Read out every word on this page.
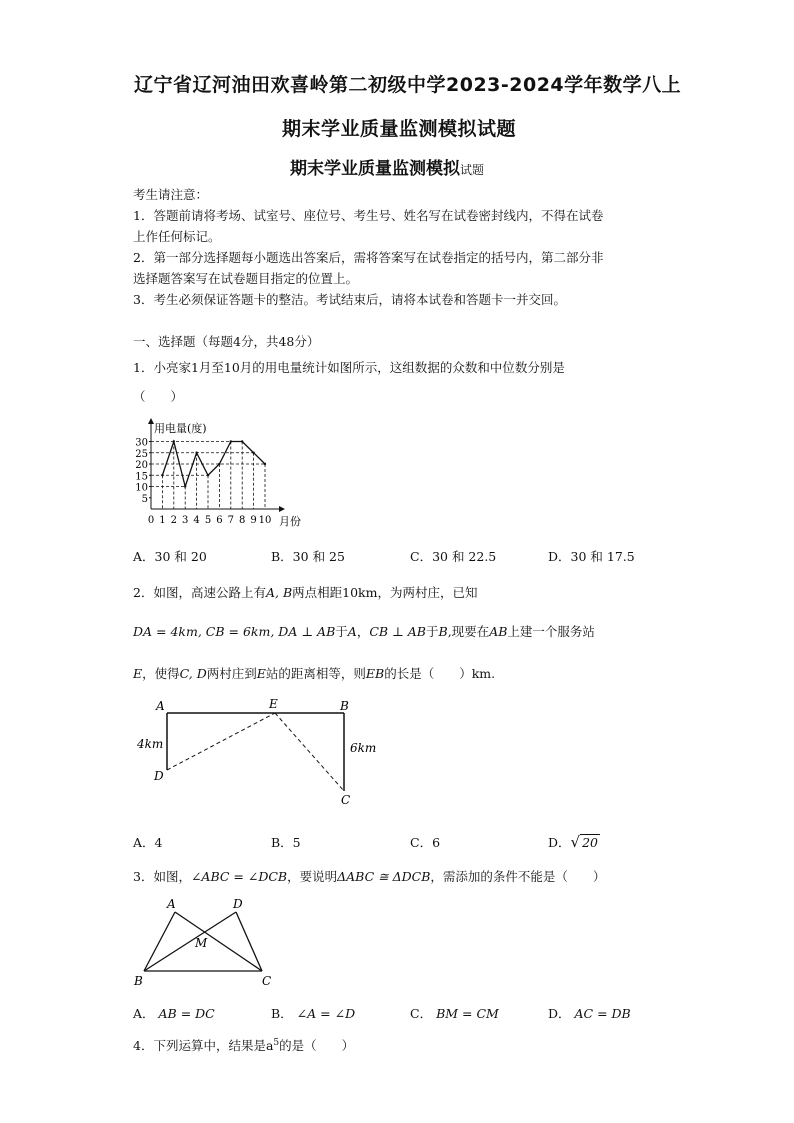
辽宁省辽河油田欢喜岭第二初级中学2023-2024学年数学八上
期末学业质量监测模拟试题
期末学业质量监测模拟试题
考生请注意：
1．答题前请将考场、试室号、座位号、考生号、姓名写在试卷密封线内，不得在试卷
上作任何标记。
2．第一部分选择题每小题选出答案后，需将答案写在试卷指定的括号内，第二部分非
选择题答案写在试卷题目指定的位置上。
3．考生必须保证答题卡的整洁。考试结束后，请将本试卷和答题卡一并交回。
一、选择题（每题4分，共48分）
1．小亮家1月至10月的用电量统计如图所示，这组数据的众数和中位数分别是
（　　）
用电量(度)
月份
5
10
15
20
25
30
0 1 2 3 4 5 6 7 8 9 10
A．30 和 20	B．30 和 25	C．30 和 22.5	D．30 和 17.5
2．如图，高速公路上有A, B两点相距10km，为两村庄，已知
DA = 4km, CB = 6km, DA ⊥ AB于A，CB ⊥ AB于B,现要在AB上建一个服务站
E，使得C, D两村庄到E站的距离相等，则EB的长是（　　）km.
A	E	B
D
C
4km	6km
A．4	B．5	C．6	D．√ 20
3．如图，∠ABC = ∠DCB，要说明ΔABC ≅ ΔDCB，需添加的条件不能是（　　）
A	D
M
B	C
A． AB = DC	B． ∠A = ∠D	C． BM = CM	D． AC = DB
4．下列运算中，结果是$a^5$的是（　　）
